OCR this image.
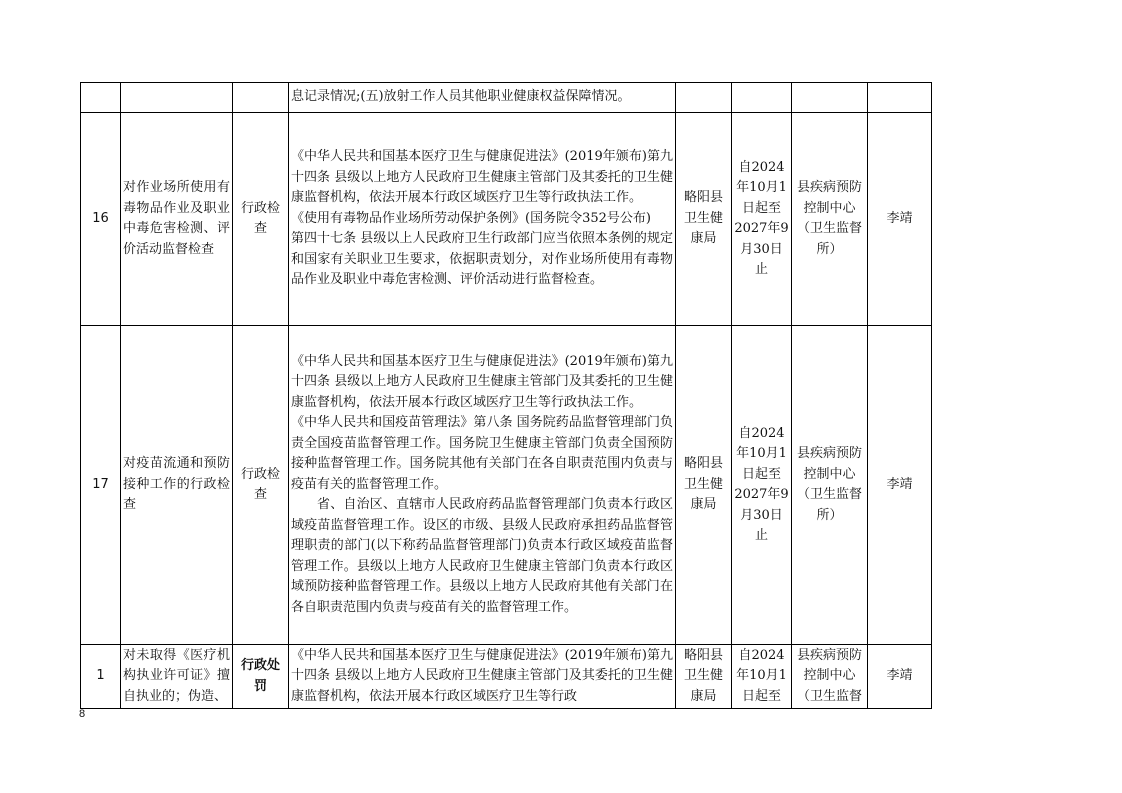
			息记录情况;(五)放射工作人员其他职业健康权益保障情况。				
16	对作业场所使用有毒物品作业及职业中毒危害检测、评价活动监督检查	行政检查	《中华人民共和国基本医疗卫生与健康促进法》(2019年颁布)第九十四条 县级以上地方人民政府卫生健康主管部门及其委托的卫生健康监督机构，依法开展本行政区域医疗卫生等行政执法工作。

《使用有毒物品作业场所劳动保护条例》(国务院令352号公布)

第四十七条 县级以上人民政府卫生行政部门应当依照本条例的规定和国家有关职业卫生要求，依据职责划分，对作业场所使用有毒物品作业及职业中毒危害检测、评价活动进行监督检查。	略阳县卫生健康局	自2024年10月1日起至2027年9月30日止	县疾病预防控制中心（卫生监督所）	李靖
17	对疫苗流通和预防接种工作的行政检查	行政检查	《中华人民共和国基本医疗卫生与健康促进法》(2019年颁布)第九十四条 县级以上地方人民政府卫生健康主管部门及其委托的卫生健康监督机构，依法开展本行政区域医疗卫生等行政执法工作。

《中华人民共和国疫苗管理法》第八条 国务院药品监督管理部门负责全国疫苗监督管理工作。国务院卫生健康主管部门负责全国预防接种监督管理工作。国务院其他有关部门在各自职责范围内负责与疫苗有关的监督管理工作。

省、自治区、直辖市人民政府药品监督管理部门负责本行政区域疫苗监督管理工作。设区的市级、县级人民政府承担药品监督管理职责的部门(以下称药品监督管理部门)负责本行政区域疫苗监督管理工作。县级以上地方人民政府卫生健康主管部门负责本行政区域预防接种监督管理工作。县级以上地方人民政府其他有关部门在各自职责范围内负责与疫苗有关的监督管理工作。	略阳县卫生健康局	自2024年10月1日起至2027年9月30日止	县疾病预防控制中心（卫生监督所）	李靖
1	对未取得《医疗机构执业许可证》擅自执业的；伪造、	行政处罚	《中华人民共和国基本医疗卫生与健康促进法》(2019年颁布)第九十四条 县级以上地方人民政府卫生健康主管部门及其委托的卫生健康监督机构，依法开展本行政区域医疗卫生等行政	略阳县卫生健康局	自2024年10月1日起至	县疾病预防控制中心（卫生监督	李靖
8
